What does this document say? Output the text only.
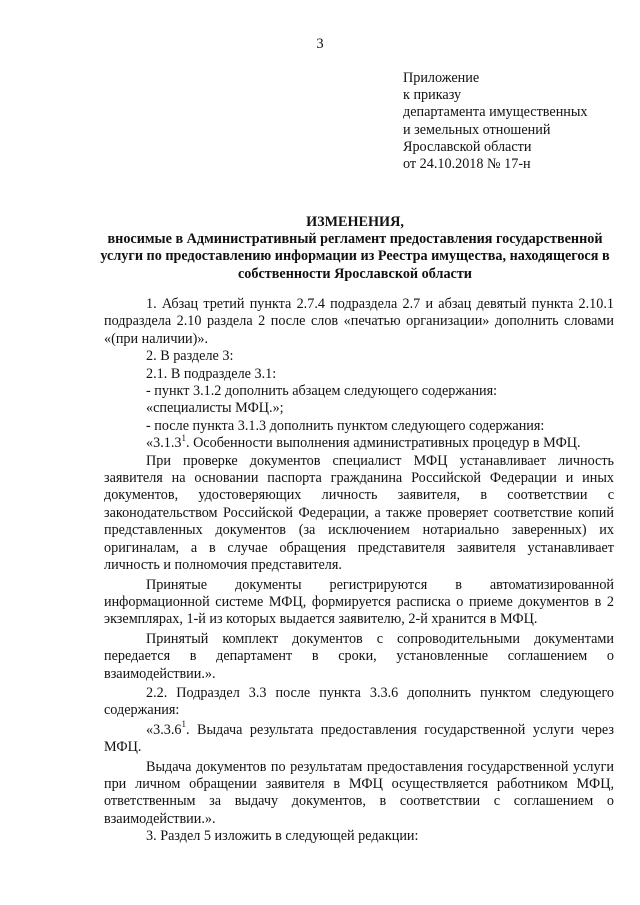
3
Приложение
к приказу
департамента имущественных
и земельных отношений
Ярославской области
от 24.10.2018 № 17-н
ИЗМЕНЕНИЯ,
вносимые в Административный регламент предоставления государственной услуги по предоставлению информации из Реестра имущества, находящегося в собственности Ярославской области

1. Абзац третий пункта 2.7.4 подраздела 2.7 и абзац девятый пункта 2.10.1 подраздела 2.10 раздела 2 после слов «печатью организации» дополнить словами «(при наличии)».

2. В разделе 3:

2.1. В подразделе 3.1:

- пункт 3.1.2 дополнить абзацем следующего содержания:

«специалисты МФЦ.»;

- после пункта 3.1.3 дополнить пунктом следующего содержания:

«3.1.3$^1$. Особенности выполнения административных процедур в МФЦ.

При проверке документов специалист МФЦ устанавливает личность заявителя на основании паспорта гражданина Российской Федерации и иных документов, удостоверяющих личность заявителя, в соответствии с законодательством Российской Федерации, а также проверяет соответствие копий представленных документов (за исключением нотариально заверенных) их оригиналам, а в случае обращения представителя заявителя устанавливает личность и полномочия представителя.

Принятые документы регистрируются в автоматизированной информационной системе МФЦ, формируется расписка о приеме документов в 2 экземплярах, 1-й из которых выдается заявителю, 2-й хранится в МФЦ.

Принятый комплект документов с сопроводительными документами передается в департамент в сроки, установленные соглашением о взаимодействии.».

2.2. Подраздел 3.3 после пункта 3.3.6 дополнить пунктом следующего содержания:

«3.3.6$^1$. Выдача результата предоставления государственной услуги через МФЦ.

Выдача документов по результатам предоставления государственной услуги при личном обращении заявителя в МФЦ осуществляется работником МФЦ, ответственным за выдачу документов, в соответствии с соглашением о взаимодействии.».

3. Раздел 5 изложить в следующей редакции:
